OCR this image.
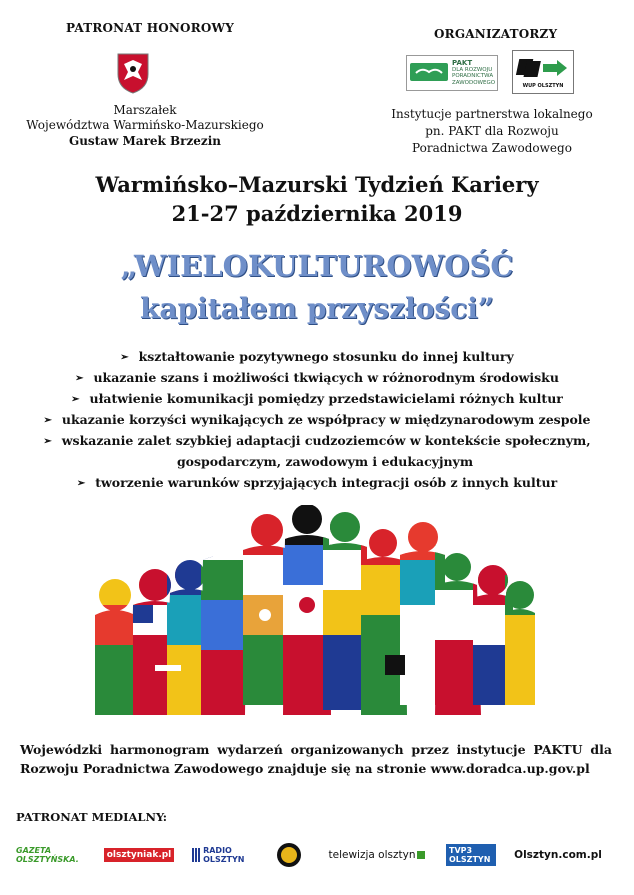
PATRONAT HONOROWY
Marszałek
Województwa Warmińsko-Mazurskiego
Gustaw Marek Brzezin
ORGANIZATORZY
PAKT
DLA ROZWOJU
PORADNICTWA
ZAWODOWEGO
WUP OLSZTYN
Instytucje partnerstwa lokalnego
pn. PAKT dla Rozwoju
Poradnictwa Zawodowego
Warmińsko–Mazurski Tydzień Kariery
21-27 października 2019
„WIELOKULTUROWOŚĆ
kapitałem przyszłości”
➢ kształtowanie pozytywnego stosunku do innej kultury
➢ ukazanie szans i możliwości tkwiących w różnorodnym środowisku
➢ ułatwienie komunikacji pomiędzy przedstawicielami różnych kultur
➢ ukazanie korzyści wynikających ze współpracy w międzynarodowym zespole
➢ wskazanie zalet szybkiej adaptacji cudzoziemców w kontekście społecznym,
gospodarczym, zawodowym i edukacyjnym
➢ tworzenie warunków sprzyjających integracji osób z innych kultur
Wojewódzki harmonogram wydarzeń organizowanych przez instytucje PAKTU dla Rozwoju Poradnictwa Zawodowego znajduje się na stronie www.doradca.up.gov.pl
PATRONAT MEDIALNY:
GAZETA OLSZTYŃSKA.	olsztyniak.pl	RADIO OLSZTYN	telewizja olsztyn	TVP3 OLSZTYN	Olsztyn.com.pl
